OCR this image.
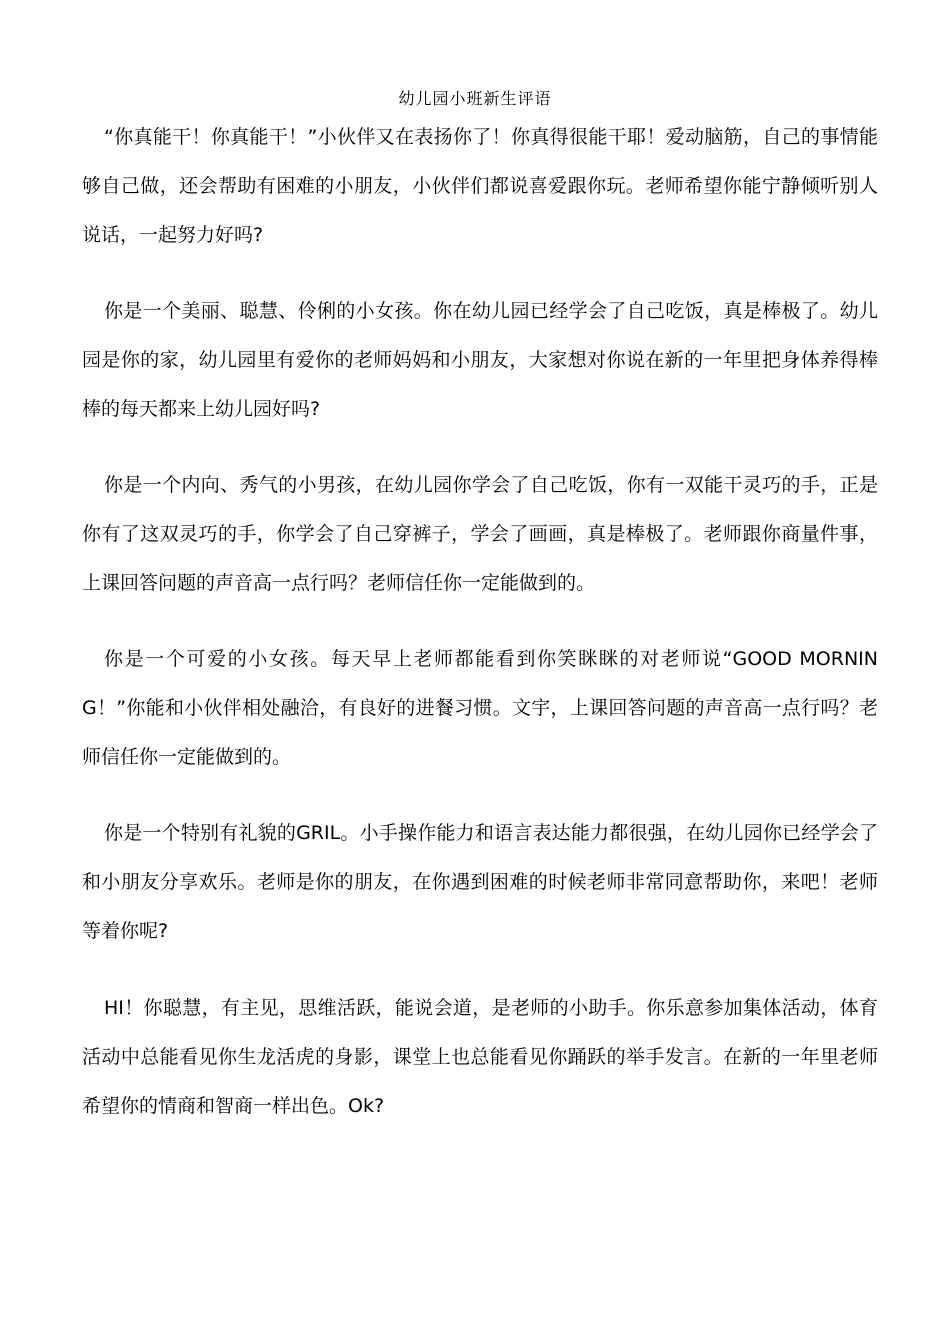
幼儿园小班新生评语

“你真能干！你真能干！”小伙伴又在表扬你了！你真得很能干耶！爱动脑筋，自己的事情能够自己做，还会帮助有困难的小朋友，小伙伴们都说喜爱跟你玩。老师希望你能宁静倾听别人说话，一起努力好吗?

你是一个美丽、聪慧、伶俐的小女孩。你在幼儿园已经学会了自己吃饭，真是棒极了。幼儿园是你的家，幼儿园里有爱你的老师妈妈和小朋友，大家想对你说在新的一年里把身体养得棒棒的每天都来上幼儿园好吗?

你是一个内向、秀气的小男孩，在幼儿园你学会了自己吃饭，你有一双能干灵巧的手，正是你有了这双灵巧的手，你学会了自己穿裤子，学会了画画，真是棒极了。老师跟你商量件事，上课回答问题的声音高一点行吗？老师信任你一定能做到的。

你是一个可爱的小女孩。每天早上老师都能看到你笑眯眯的对老师说“GOOD MORNING！”你能和小伙伴相处融洽，有良好的进餐习惯。文宇，上课回答问题的声音高一点行吗？老师信任你一定能做到的。

你是一个特别有礼貌的GRIL。小手操作能力和语言表达能力都很强，在幼儿园你已经学会了和小朋友分享欢乐。老师是你的朋友，在你遇到困难的时候老师非常同意帮助你，来吧！老师等着你呢?

HI！你聪慧，有主见，思维活跃，能说会道，是老师的小助手。你乐意参加集体活动，体育活动中总能看见你生龙活虎的身影，课堂上也总能看见你踊跃的举手发言。在新的一年里老师希望你的情商和智商一样出色。Ok?
